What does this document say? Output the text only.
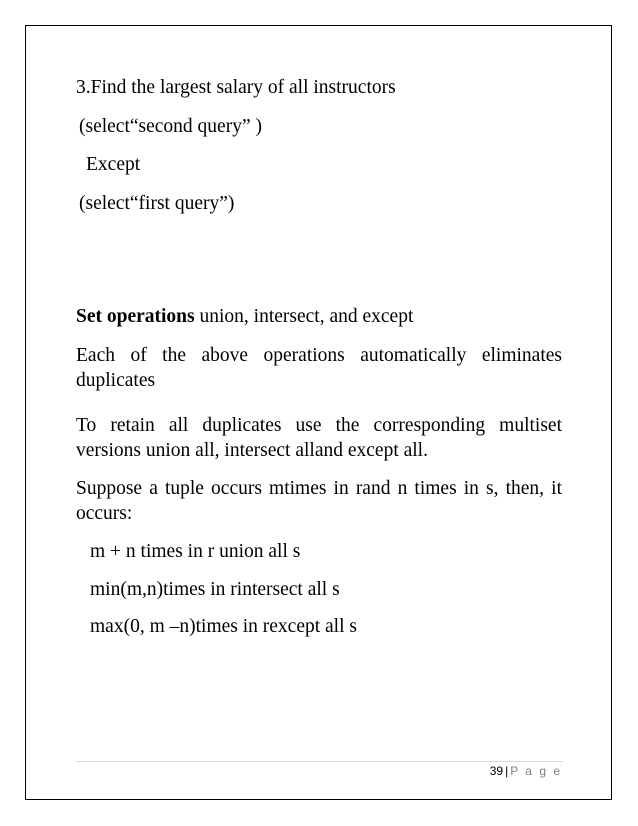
3.Find the largest salary of all instructors
(select“second query” )
Except
(select“first query”)
Set operations union, intersect, and except
Each of the above operations automatically eliminates duplicates
To retain all duplicates use the corresponding multiset versions union all, intersect alland except all.
Suppose a tuple occurs mtimes in rand n times in s, then, it occurs:
m + n times in r union all s
min(m,n)times in rintersect all s
max(0, m –n)times in rexcept all s
39 | P a g e
